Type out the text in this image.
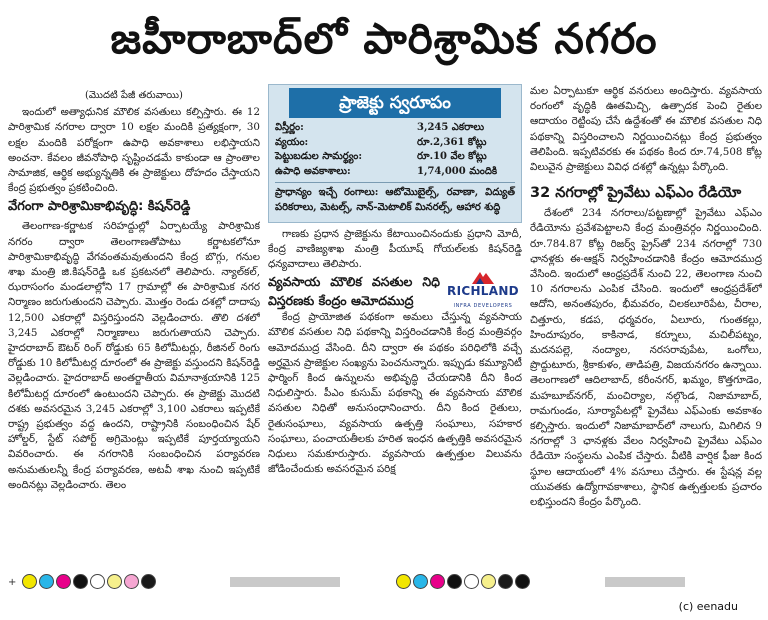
జహీరాబాద్‌లో పారిశ్రామిక నగరం
(మొదటి పేజీ తరువాయి)

ఇందులో అత్యాధునిక మౌలిక వసతులు కల్పిస్తారు. ఈ 12 పారిశ్రామిక నగరాల ద్వారా 10 లక్షల మందికి ప్రత్యక్షంగా, 30 లక్షల మందికి పరోక్షంగా ఉపాధి అవకాశాలు లభిస్తాయని అంచనా. కేవలం జీవనోపాధి సృష్టించడమే కాకుండా ఆ ప్రాంతాల సామాజిక, ఆర్థిక అభ్యున్నతికి ఈ ప్రాజెక్టులు దోహదం చేస్తాయని కేంద్ర ప్రభుత్వం ప్రకటించింది.

వేగంగా పారిశ్రామికాభివృద్ధి: కిషన్‌రెడ్డి

తెలంగాణ-కర్ణాటక సరిహద్దుల్లో ఏర్పాటయ్యే పారిశ్రామిక నగరం ద్వారా తెలంగాణతోపాటు కర్ణాటకలోనూ పారిశ్రామికాభివృద్ధి వేగవంతమవుతుందని కేంద్ర బొగ్గు, గనుల శాఖ మంత్రి జి.కిషన్‌రెడ్డి ఒక ప్రకటనలో తెలిపారు. న్యాల్‌కల్‌, ఝరాసంగం మండలాల్లోని 17 గ్రామాల్లో ఈ పారిశ్రామిక నగర నిర్మాణం జరుగుతుందని చెప్పారు. మొత్తం రెండు దశల్లో దాదాపు 12,500 ఎకరాల్లో విస్తరిస్తుందని వెల్లడించారు. తొలి దశలో 3,245 ఎకరాల్లో నిర్మాణాలు జరుగుతాయని చెప్పారు. హైదరాబాద్‌ ఔటర్‌ రింగ్‌ రోడ్డుకు 65 కిలోమీటర్లు, రీజినల్‌ రింగు రోడ్డుకు 10 కిలోమీటర్ల దూరంలో ఈ ప్రాజెక్టు వస్తుందని కిషన్‌రెడ్డి వెల్లడించారు. హైదరాబాద్‌ అంతర్జాతీయ విమానాశ్రయానికి 125 కిలోమీటర్ల దూరంలో ఉంటుందని చెప్పారు. ఈ ప్రాజెక్టు మొదటి దశకు అవసరమైన 3,245 ఎకరాల్లో 3,100 ఎకరాలు ఇప్పటికే రాష్ట్ర ప్రభుత్వం వద్ద ఉందని, రాష్ట్రానికి సంబంధించిన షేర్‌ హోల్డర్‌, స్టేట్‌ సపోర్ట్‌ అగ్రిమెంట్లు ఇప్పటికే పూర్తయ్యాయని వివరించారు. ఈ నగరానికి సంబంధించిన పర్యావరణ అనుమతులన్నీ కేంద్ర పర్యావరణ, అటవీ శాఖ నుంచి ఇప్పటికే అందినట్లు వెల్లడించారు. తెలం

ప్రాజెక్టు స్వరూపం
విస్తీర్ణం:	3,245 ఎకరాలు
వ్యయం:	రూ.2,361 కోట్లు
పెట్టుబడుల సామర్థ్యం:	రూ.10 వేల కోట్లు
ఉపాధి అవకాశాలు:	1,74,000 మందికి
ప్రాధాన్యం ఇచ్చే రంగాలు: ఆటోమొబైల్స్‌, రవాణా, విద్యుత్‌ పరికరాలు, మెటల్స్‌, నాన్‌-మెటాలిక్‌ మినరల్స్‌, ఆహార శుద్ధి

గాణకు ప్రధాన ప్రాజెక్టును కేటాయించినందుకు ప్రధాని మోదీ, కేంద్ర వాణిజ్యశాఖ మంత్రి పీయూష్‌ గోయల్‌లకు కిషన్‌రెడ్డి ధన్యవాదాలు తెలిపారు.

వ్యవసాయ మౌలిక వసతుల నిధి విస్తరణకు కేంద్రం ఆమోదముద్ర
RICHLAND
INFRA DEVELOPERS

కేంద్ర ప్రాయోజిత పథకంగా అమలు చేస్తున్న వ్యవసాయ మౌలిక వసతుల నిధి పథకాన్ని విస్తరించడానికి కేంద్ర మంత్రివర్గం ఆమోదముద్ర వేసింది. దీని ద్వారా ఈ పథకం పరిధిలోకి వచ్చే అర్హమైన ప్రాజెక్టుల సంఖ్యను పెంచనున్నారు. ఇప్పుడు కమ్యూనిటీ ఫార్మింగ్‌ కింద ఉన్నులను అభివృద్ధి చేయడానికి దీని కింద నిధులిస్తారు. పీఎం కుసుమ్‌ పథకాన్ని ఈ వ్యవసాయ మౌలిక వసతుల నిధితో అనుసంధానించారు. దీని కింద రైతులు, రైతుసంఘాలు, వ్యవసాయ ఉత్పత్తి సంఘాలు, సహకార సంఘాలు, పంచాయతీలకు హరిత ఇంధన ఉత్పత్తికి అవసరమైన నిధులు సమకూరుస్తారు. వ్యవసాయ ఉత్పత్తుల విలువను జోడించేందుకు అవసరమైన పరిక్ష

మల ఏర్పాటుకూ ఆర్థిక వనరులు అందిస్తారు. వ్యవసాయ రంగంలో వృద్ధికి ఊతమిచ్చి, ఉత్పాదక పెంచి రైతుల ఆదాయం రెట్టింపు చేసే ఉద్దేశంతో ఈ మౌలిక వసతుల నిధి పథకాన్ని విస్తరించాలని నిర్ణయించినట్లు కేంద్ర ప్రభుత్వం తెలిపింది. ఇప్పటివరకు ఈ పథకం కింద రూ.74,508 కోట్ల విలువైన ప్రాజెక్టులు వివిధ దశల్లో ఉన్నట్లు పేర్కొంది.

32 నగరాల్లో ప్రైవేటు ఎఫ్‌ఎం రేడియో

దేశంలో 234 నగరాలు/పట్టణాల్లో ప్రైవేటు ఎఫ్‌ఎం రేడియోను ప్రవేశపెట్టాలని కేంద్ర మంత్రివర్గం నిర్ణయించింది. రూ.784.87 కోట్ల రిజర్వ్‌ ప్రైస్‌తో 234 నగరాల్లో 730 ఛానళ్లకు ఈ-ఆక్షన్‌ నిర్వహించడానికి కేంద్రం ఆమోదముద్ర వేసింది. ఇందులో ఆంధ్రప్రదేశ్‌ నుంచి 22, తెలంగాణ నుంచి 10 నగరాలను ఎంపిక చేసింది. ఇందులో ఆంధ్రప్రదేశ్‌లో ఆదోని, అనంతపురం, భీమవరం, చిలకలూరిపేట, చీరాల, చిత్తూరు, కడప, ధర్మవరం, ఏలూరు, గుంతకల్లు, హిందూపురం, కాకినాడ, కర్నూలు, మచిలీపట్నం, మదనపల్లె, నంద్యాల, నరసరావుపేట, ఒంగోలు, ప్రొద్దుటూరు, శ్రీకాకుళం, తాడిపత్రి, విజయనగరం ఉన్నాయి. తెలంగాణలో ఆదిలాబాద్‌, కరీంనగర్‌, ఖమ్మం, కొత్తగూడెం, మహబూబ్‌నగర్‌, మంచిర్యాల, నల్గొండ, నిజామాబాద్‌, రామగుండం, సూర్యాపేటల్లో ప్రైవేటు ఎఫ్‌ఎంకు అవకాశం కల్పిస్తారు. ఇందులో నిజామాబాద్‌లో నాలుగు, మిగిలిన 9 నగరాల్లో 3 ఛానళ్లకు వేలం నిర్వహించి ప్రైవేటు ఎఫ్‌ఎం రేడియో సంస్థలను ఎంపిక చేస్తారు. వీటికి వార్షిక ఫీజు కింద స్థూల ఆదాయంలో 4% వసూలు చేస్తారు. ఈ స్టేషన్ల వల్ల యువతకు ఉద్యోగావకాశాలు, స్థానిక ఉత్పత్తులకు ప్రచారం లభిస్తుందని కేంద్రం పేర్కొంది.

+
(c) eenadu
